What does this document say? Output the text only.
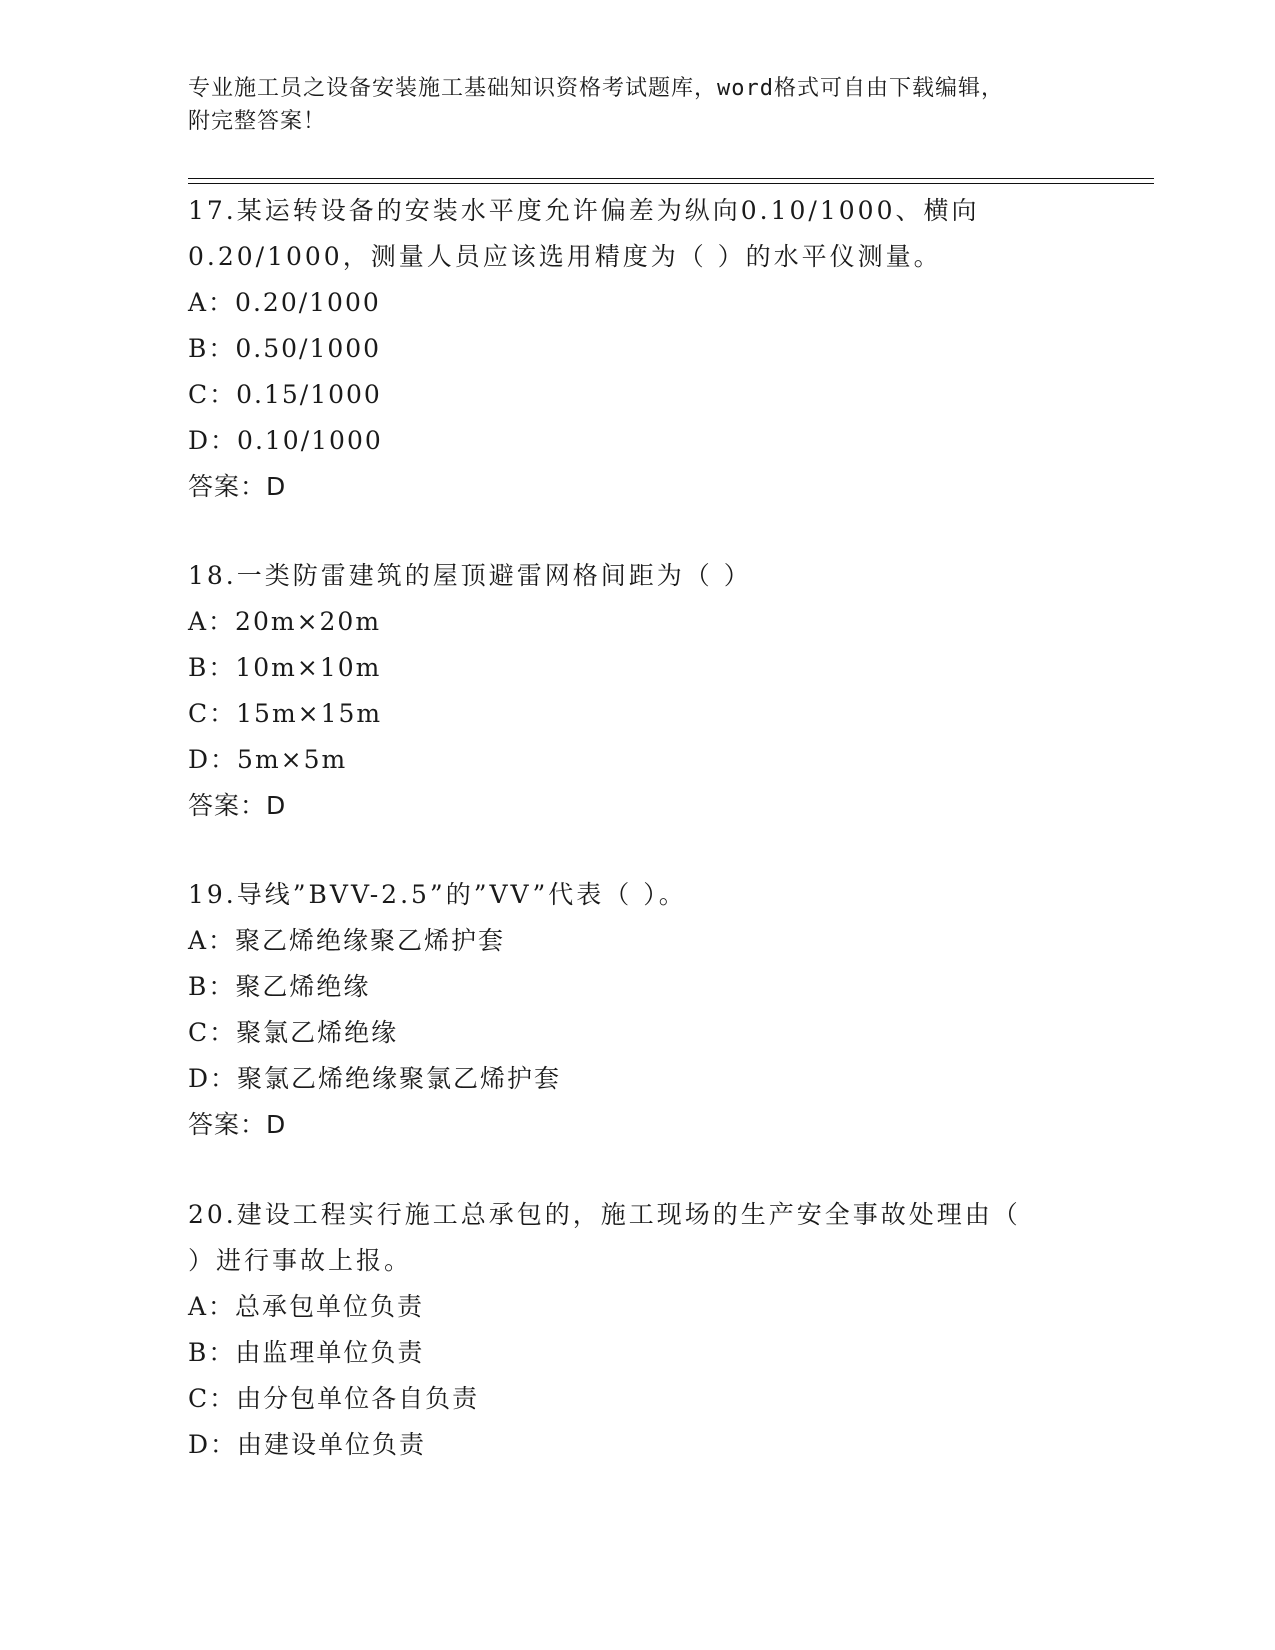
专业施工员之设备安装施工基础知识资格考试题库，word格式可自由下载编辑，
附完整答案！
17.某运转设备的安装水平度允许偏差为纵向0.10/1000、横向
0.20/1000，测量人员应该选用精度为（ ）的水平仪测量。
A：0.20/1000
B：0.50/1000
C：0.15/1000
D：0.10/1000
答案：D
18.一类防雷建筑的屋顶避雷网格间距为（ ）
A：20m×20m
B：10m×10m
C：15m×15m
D：5m×5m
答案：D
19.导线”BVV-2.5”的”VV”代表（ ）。
A：聚乙烯绝缘聚乙烯护套
B：聚乙烯绝缘
C：聚氯乙烯绝缘
D：聚氯乙烯绝缘聚氯乙烯护套
答案：D
20.建设工程实行施工总承包的，施工现场的生产安全事故处理由（
）进行事故上报。
A：总承包单位负责
B：由监理单位负责
C：由分包单位各自负责
D：由建设单位负责
